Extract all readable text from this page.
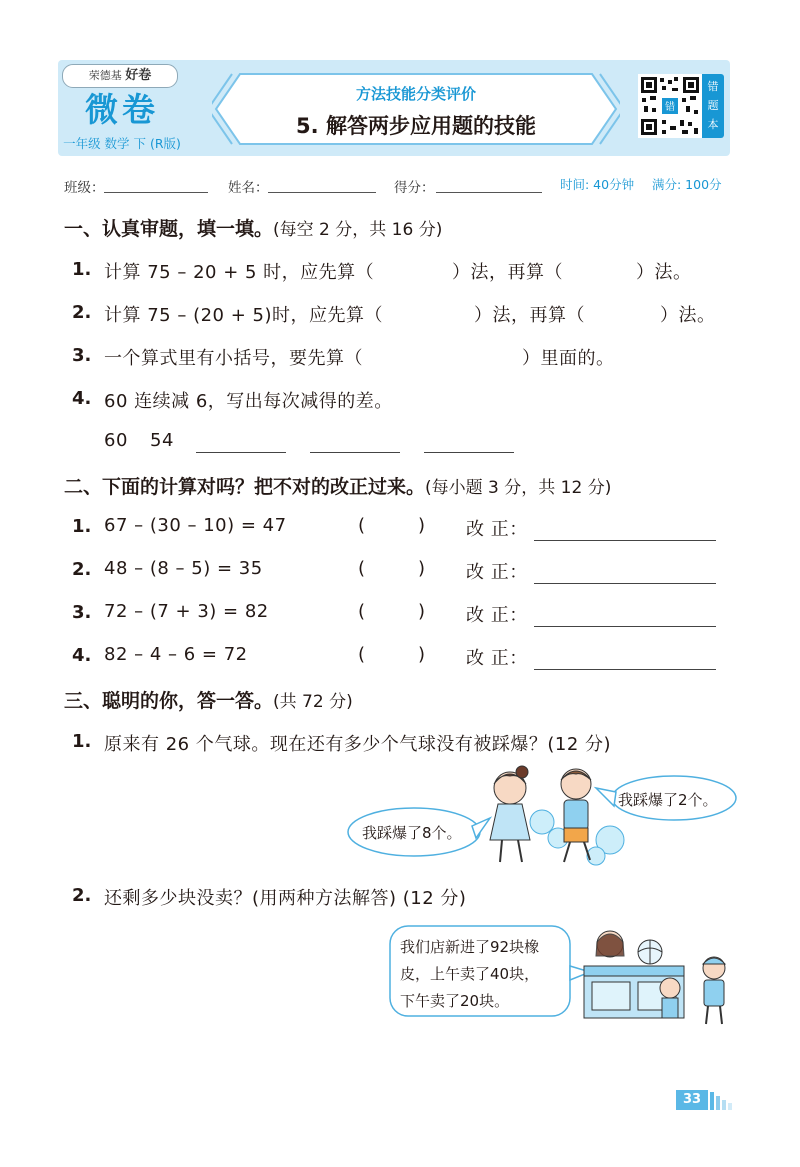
荣德基 好卷
微卷
一年级 数学 下 (R版)
方法技能分类评价
5. 解答两步应用题的技能
错
错
题
本
班级：	姓名：	得分：	时间: 40分钟 满分: 100分
一、认真审题，填一填。(每空 2 分，共 16 分)
1. 计算 75 – 20 + 5 时，应先算（	）法，再算（	）法。
2. 计算 75 – (20 + 5)时，应先算（	）法，再算（	）法。
3. 一个算式里有小括号，要先算（	）里面的。
4. 60 连续减 6，写出每次减得的差。
60 54
二、下面的计算对吗？把不对的改正过来。(每小题 3 分，共 12 分)
1. 67 – (30 – 10) = 47	(	) 改 正：
2. 48 – (8 – 5) = 35	(	) 改 正：
3. 72 – (7 + 3) = 82	(	) 改 正：
4. 82 – 4 – 6 = 72	(	) 改 正：
三、聪明的你，答一答。(共 72 分)
1. 原来有 26 个气球。现在还有多少个气球没有被踩爆？(12 分)
我踩爆了8个。
我踩爆了2个。
2. 还剩多少块没卖？(用两种方法解答) (12 分)
我们店新进了92块橡
皮，上午卖了40块，
下午卖了20块。
33
